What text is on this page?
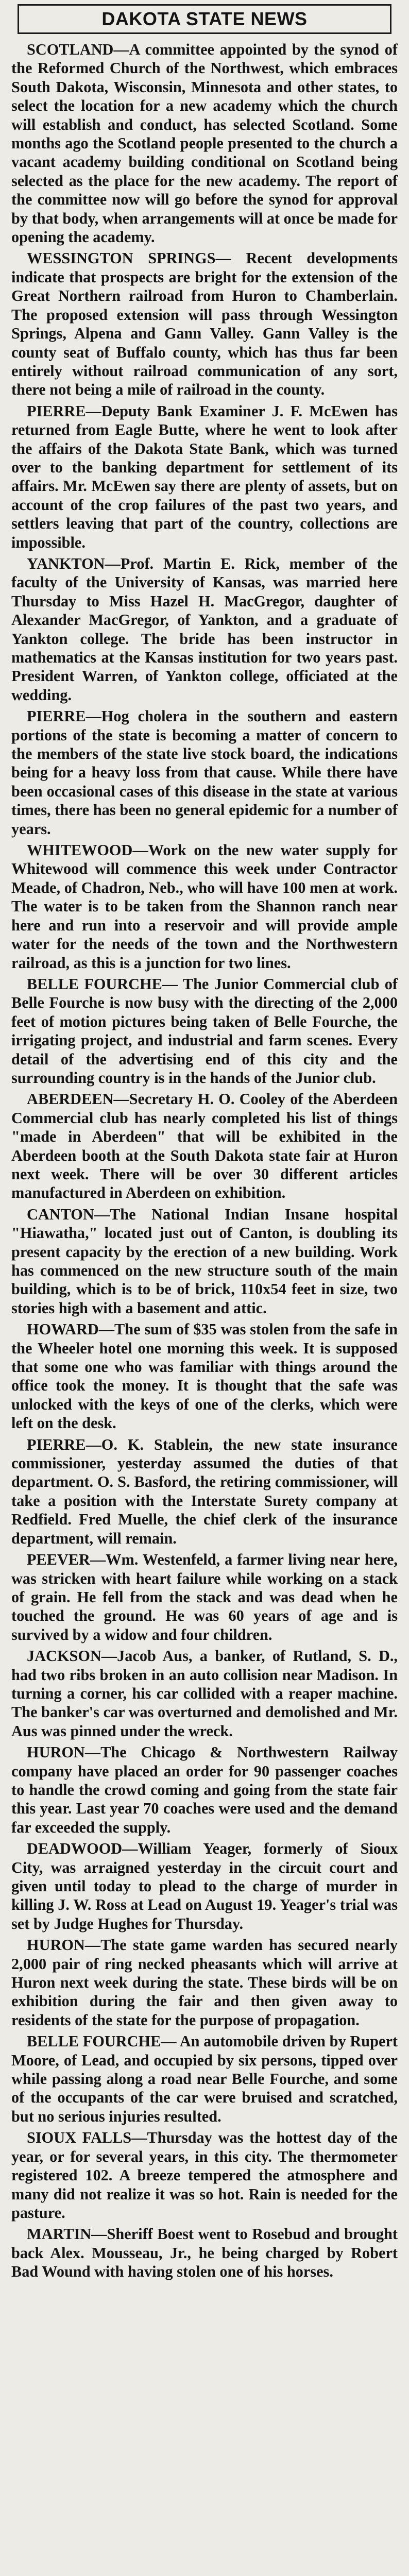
DAKOTA STATE NEWS

SCOTLAND—A committee appointed by the synod of the Reformed Church of the Northwest, which embraces South Dakota, Wisconsin, Minnesota and other states, to select the location for a new academy which the church will establish and conduct, has selected Scotland. Some months ago the Scotland people presented to the church a vacant academy building conditional on Scotland being selected as the place for the new academy. The report of the committee now will go before the synod for approval by that body, when arrangements will at once be made for opening the academy.

WESSINGTON SPRINGS— Recent developments indicate that prospects are bright for the extension of the Great Northern railroad from Huron to Chamberlain. The proposed extension will pass through Wessington Springs, Alpena and Gann Valley. Gann Valley is the county seat of Buffalo county, which has thus far been entirely without railroad communication of any sort, there not being a mile of railroad in the county.

PIERRE—Deputy Bank Examiner J. F. McEwen has returned from Eagle Butte, where he went to look after the affairs of the Dakota State Bank, which was turned over to the banking department for settlement of its affairs. Mr. McEwen say there are plenty of assets, but on account of the crop failures of the past two years, and settlers leaving that part of the country, collections are impossible.

YANKTON—Prof. Martin E. Rick, member of the faculty of the University of Kansas, was married here Thursday to Miss Hazel H. MacGregor, daughter of Alexander MacGregor, of Yankton, and a graduate of Yankton college. The bride has been instructor in mathematics at the Kansas institution for two years past. President Warren, of Yankton college, officiated at the wedding.

PIERRE—Hog cholera in the southern and eastern portions of the state is becoming a matter of concern to the members of the state live stock board, the indications being for a heavy loss from that cause. While there have been occasional cases of this disease in the state at various times, there has been no general epidemic for a number of years.

WHITEWOOD—Work on the new water supply for Whitewood will commence this week under Contractor Meade, of Chadron, Neb., who will have 100 men at work. The water is to be taken from the Shannon ranch near here and run into a reservoir and will provide ample water for the needs of the town and the Northwestern railroad, as this is a junction for two lines.

BELLE FOURCHE— The Junior Commercial club of Belle Fourche is now busy with the directing of the 2,000 feet of motion pictures being taken of Belle Fourche, the irrigating project, and industrial and farm scenes. Every detail of the advertising end of this city and the surrounding country is in the hands of the Junior club.

ABERDEEN—Secretary H. O. Cooley of the Aberdeen Commercial club has nearly completed his list of things "made in Aberdeen" that will be exhibited in the Aberdeen booth at the South Dakota state fair at Huron next week. There will be over 30 different articles manufactured in Aberdeen on exhibition.

CANTON—The National Indian Insane hospital "Hiawatha," located just out of Canton, is doubling its present capacity by the erection of a new building. Work has commenced on the new structure south of the main building, which is to be of brick, 110x54 feet in size, two stories high with a basement and attic.

HOWARD—The sum of $35 was stolen from the safe in the Wheeler hotel one morning this week. It is supposed that some one who was familiar with things around the office took the money. It is thought that the safe was unlocked with the keys of one of the clerks, which were left on the desk.

PIERRE—O. K. Stablein, the new state insurance commissioner, yesterday assumed the duties of that department. O. S. Basford, the retiring commissioner, will take a position with the Interstate Surety company at Redfield. Fred Muelle, the chief clerk of the insurance department, will remain.

PEEVER—Wm. Westenfeld, a farmer living near here, was stricken with heart failure while working on a stack of grain. He fell from the stack and was dead when he touched the ground. He was 60 years of age and is survived by a widow and four children.

JACKSON—Jacob Aus, a banker, of Rutland, S. D., had two ribs broken in an auto collision near Madison. In turning a corner, his car collided with a reaper machine. The banker's car was overturned and demolished and Mr. Aus was pinned under the wreck.

HURON—The Chicago & Northwestern Railway company have placed an order for 90 passenger coaches to handle the crowd coming and going from the state fair this year. Last year 70 coaches were used and the demand far exceeded the supply.

DEADWOOD—William Yeager, formerly of Sioux City, was arraigned yesterday in the circuit court and given until today to plead to the charge of murder in killing J. W. Ross at Lead on August 19. Yeager's trial was set by Judge Hughes for Thursday.

HURON—The state game warden has secured nearly 2,000 pair of ring necked pheasants which will arrive at Huron next week during the state. These birds will be on exhibition during the fair and then given away to residents of the state for the purpose of propagation.

BELLE FOURCHE— An automobile driven by Rupert Moore, of Lead, and occupied by six persons, tipped over while passing along a road near Belle Fourche, and some of the occupants of the car were bruised and scratched, but no serious injuries resulted.

SIOUX FALLS—Thursday was the hottest day of the year, or for several years, in this city. The thermometer registered 102. A breeze tempered the atmosphere and many did not realize it was so hot. Rain is needed for the pasture.

MARTIN—Sheriff Boest went to Rosebud and brought back Alex. Mousseau, Jr., he being charged by Robert Bad Wound with having stolen one of his horses.
